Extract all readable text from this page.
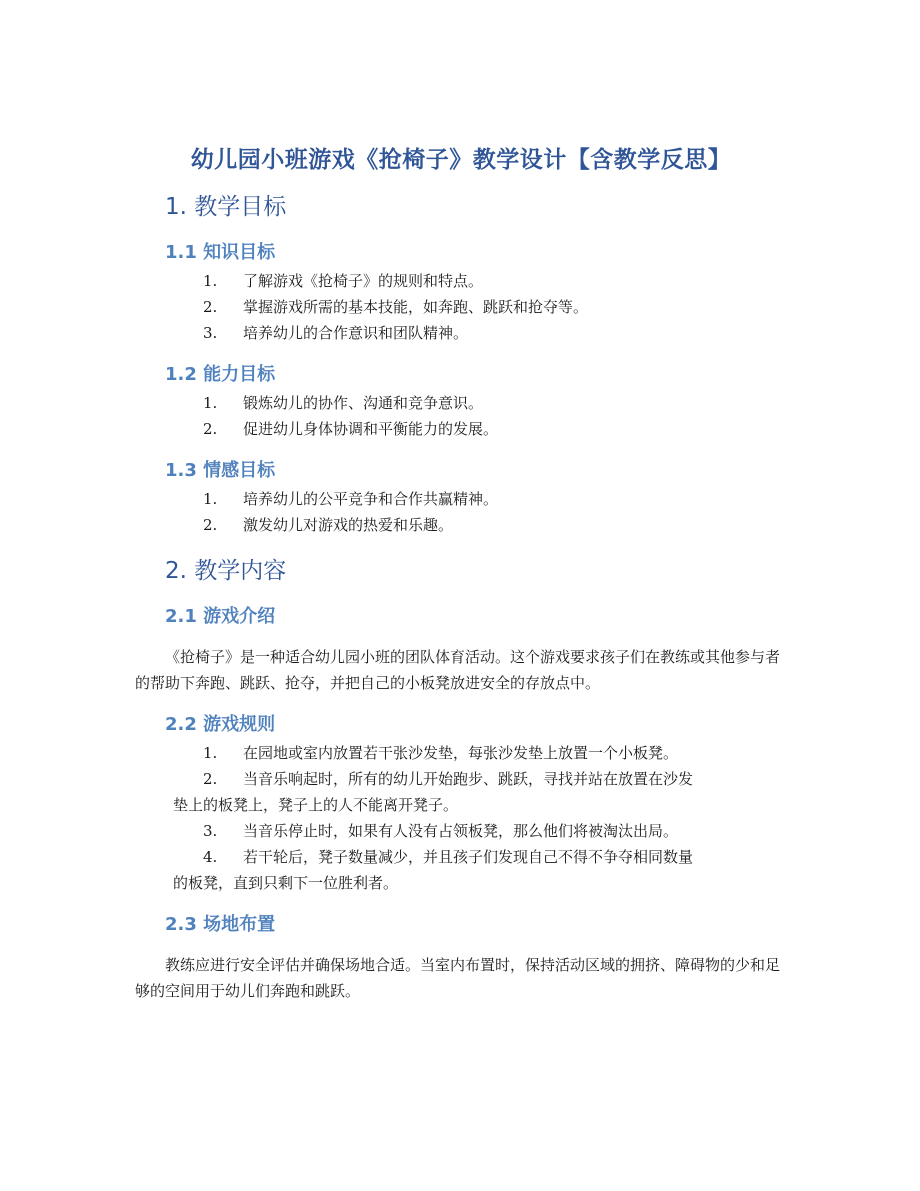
幼儿园小班游戏《抢椅子》教学设计【含教学反思】
1. 教学目标
1.1 知识目标
1. 了解游戏《抢椅子》的规则和特点。
2. 掌握游戏所需的基本技能，如奔跑、跳跃和抢夺等。
3. 培养幼儿的合作意识和团队精神。
1.2 能力目标
1. 锻炼幼儿的协作、沟通和竞争意识。
2. 促进幼儿身体协调和平衡能力的发展。
1.3 情感目标
1. 培养幼儿的公平竞争和合作共赢精神。
2. 激发幼儿对游戏的热爱和乐趣。
2. 教学内容
2.1 游戏介绍

《抢椅子》是一种适合幼儿园小班的团队体育活动。这个游戏要求孩子们在教练或其他参与者的帮助下奔跑、跳跃、抢夺，并把自己的小板凳放进安全的存放点中。

2.2 游戏规则
1. 在园地或室内放置若干张沙发垫，每张沙发垫上放置一个小板凳。
2. 当音乐响起时，所有的幼儿开始跑步、跳跃，寻找并站在放置在沙发
垫上的板凳上，凳子上的人不能离开凳子。
3. 当音乐停止时，如果有人没有占领板凳，那么他们将被淘汰出局。
4. 若干轮后，凳子数量减少，并且孩子们发现自己不得不争夺相同数量
的板凳，直到只剩下一位胜利者。
2.3 场地布置

教练应进行安全评估并确保场地合适。当室内布置时，保持活动区域的拥挤、障碍物的少和足够的空间用于幼儿们奔跑和跳跃。
